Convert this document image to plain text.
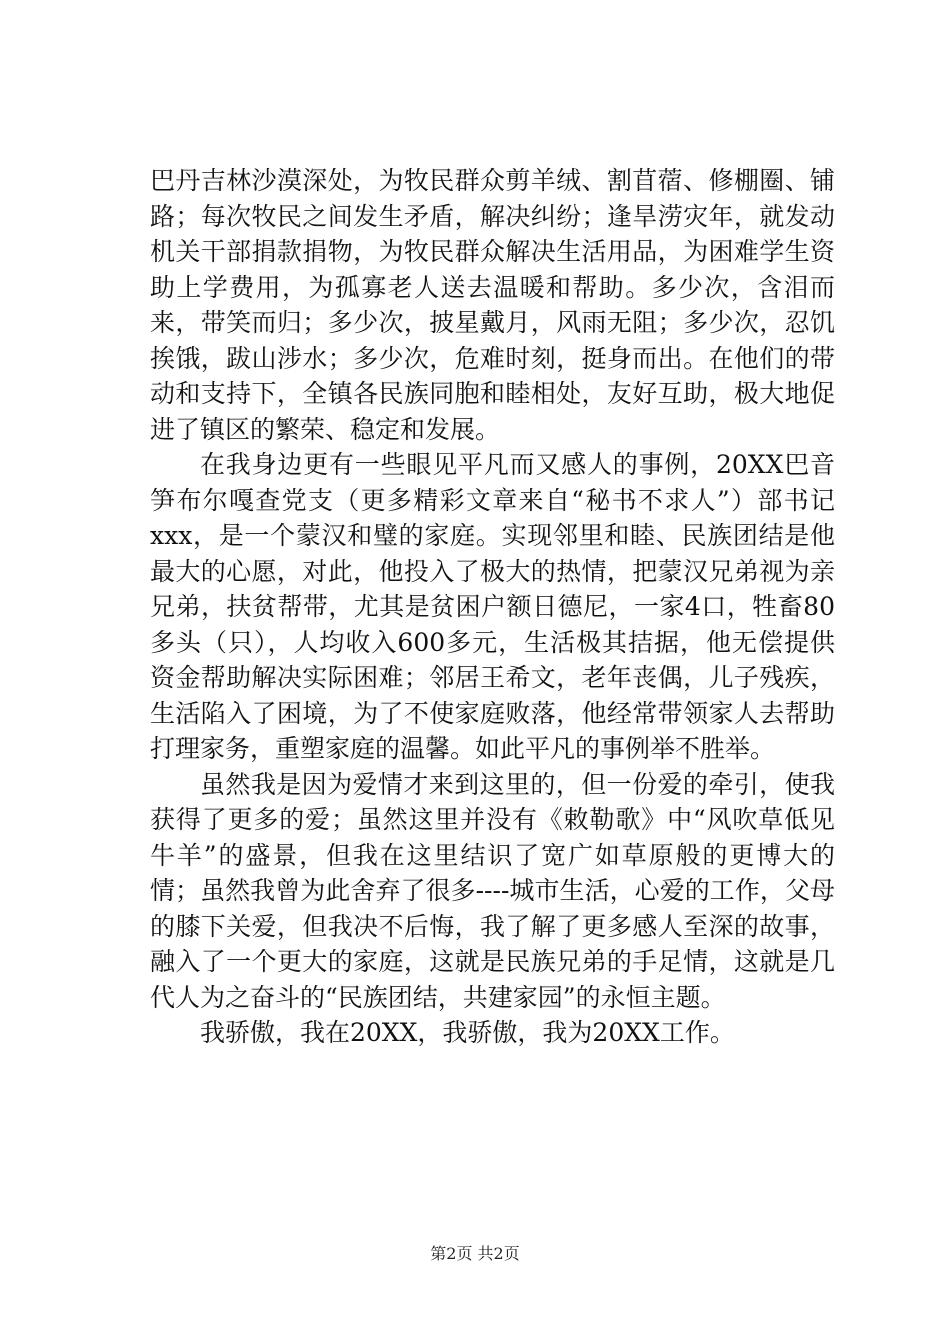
巴丹吉林沙漠深处，为牧民群众剪羊绒、割苜蓿、修棚圈、铺路；每次牧民之间发生矛盾，解决纠纷；逢旱涝灾年，就发动机关干部捐款捐物，为牧民群众解决生活用品，为困难学生资助上学费用，为孤寡老人送去温暖和帮助。多少次，含泪而来，带笑而归；多少次，披星戴月，风雨无阻；多少次，忍饥挨饿，跋山涉水；多少次，危难时刻，挺身而出。在他们的带动和支持下，全镇各民族同胞和睦相处，友好互助，极大地促进了镇区的繁荣、稳定和发展。

在我身边更有一些眼见平凡而又感人的事例，20XX巴音笋布尔嘎查党支（更多精彩文章来自“秘书不求人”）部书记xxx，是一个蒙汉和璧的家庭。实现邻里和睦、民族团结是他最大的心愿，对此，他投入了极大的热情，把蒙汉兄弟视为亲兄弟，扶贫帮带，尤其是贫困户额日德尼，一家4口，牲畜80多头（只），人均收入600多元，生活极其拮据，他无偿提供资金帮助解决实际困难；邻居王希文，老年丧偶，儿子残疾，生活陷入了困境，为了不使家庭败落，他经常带领家人去帮助打理家务，重塑家庭的温馨。如此平凡的事例举不胜举。

虽然我是因为爱情才来到这里的，但一份爱的牵引，使我获得了更多的爱；虽然这里并没有《敕勒歌》中“风吹草低见牛羊”的盛景，但我在这里结识了宽广如草原般的更博大的情；虽然我曾为此舍弃了很多----城市生活，心爱的工作，父母的膝下关爱，但我决不后悔，我了解了更多感人至深的故事，融入了一个更大的家庭，这就是民族兄弟的手足情，这就是几代人为之奋斗的“民族团结，共建家园”的永恒主题。

我骄傲，我在20XX，我骄傲，我为20XX工作。

第2页 共2页
